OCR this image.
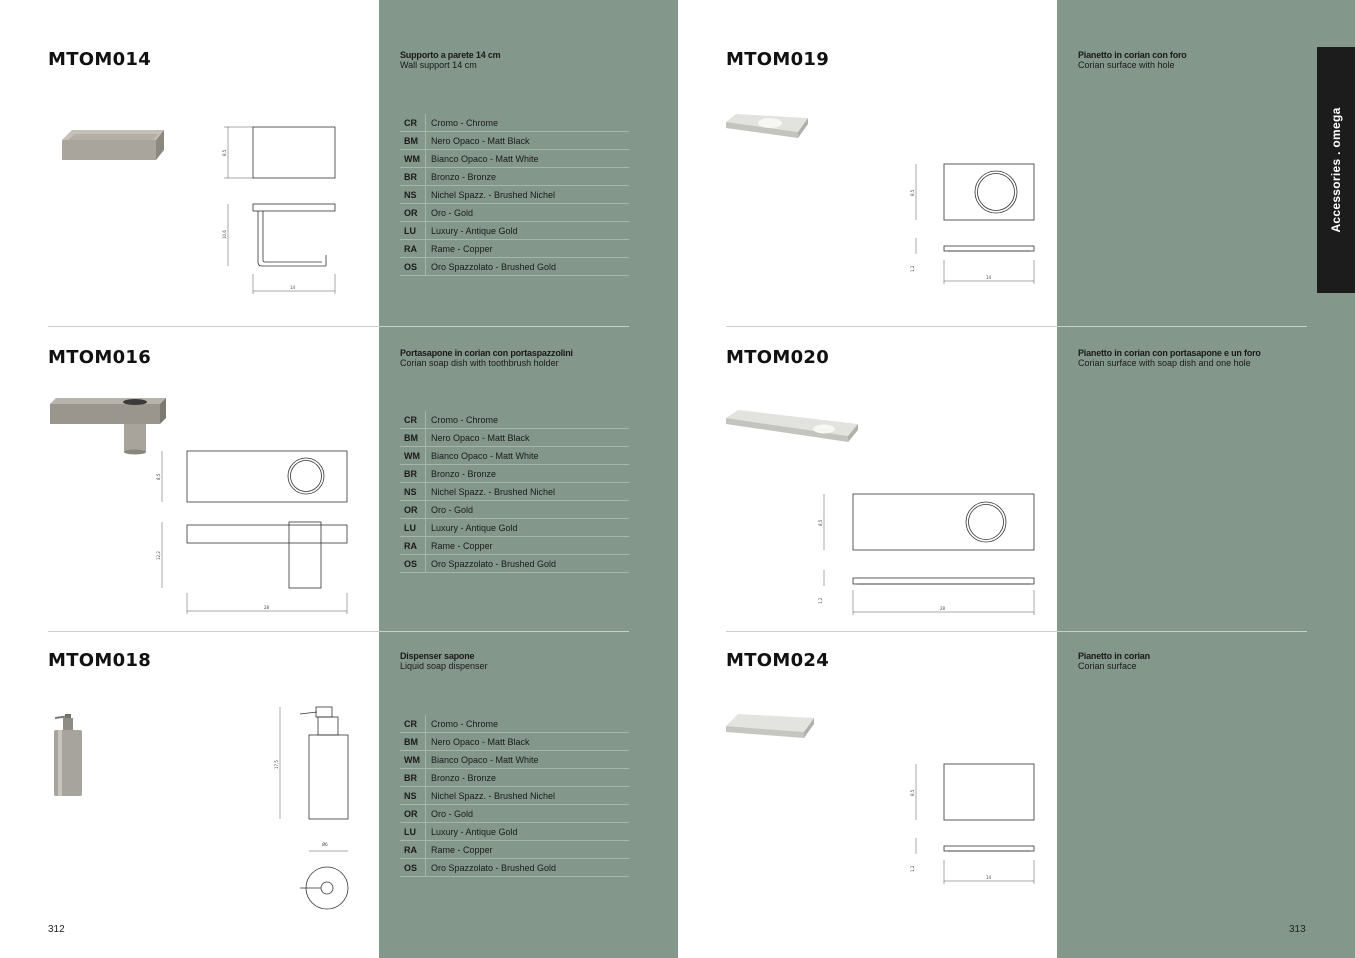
Accessories . omega
MTOM014
MTOM016
MTOM018
MTOM019
MTOM020
MTOM024
Supporto a parete 14 cm
Wall support 14 cm
Portasapone in corian con portaspazzolini
Corian soap dish with toothbrush holder
Dispenser sapone
Liquid soap dispenser
Pianetto in corian con foro
Corian surface with hole
Pianetto in corian con portasapone e un foro
Corian surface with soap dish and one hole
Pianetto in corian
Corian surface
CR	Cromo - Chrome
BM	Nero Opaco - Matt Black
WM	Bianco Opaco - Matt White
BR	Bronzo - Bronze
NS	Nichel Spazz. - Brushed Nichel
OR	Oro - Gold
LU	Luxury - Antique Gold
RA	Rame - Copper
OS	Oro Spazzolato - Brushed Gold
CR	Cromo - Chrome
BM	Nero Opaco - Matt Black
WM	Bianco Opaco - Matt White
BR	Bronzo - Bronze
NS	Nichel Spazz. - Brushed Nichel
OR	Oro - Gold
LU	Luxury - Antique Gold
RA	Rame - Copper
OS	Oro Spazzolato - Brushed Gold
CR	Cromo - Chrome
BM	Nero Opaco - Matt Black
WM	Bianco Opaco - Matt White
BR	Bronzo - Bronze
NS	Nichel Spazz. - Brushed Nichel
OR	Oro - Gold
LU	Luxury - Antique Gold
RA	Rame - Copper
OS	Oro Spazzolato - Brushed Gold
8,5
10,6
14
8,5
12,2
28
17,5
Ø6
8,5
1,2
14
8,5
1,2
28
8,5
1,2
14
312	313
